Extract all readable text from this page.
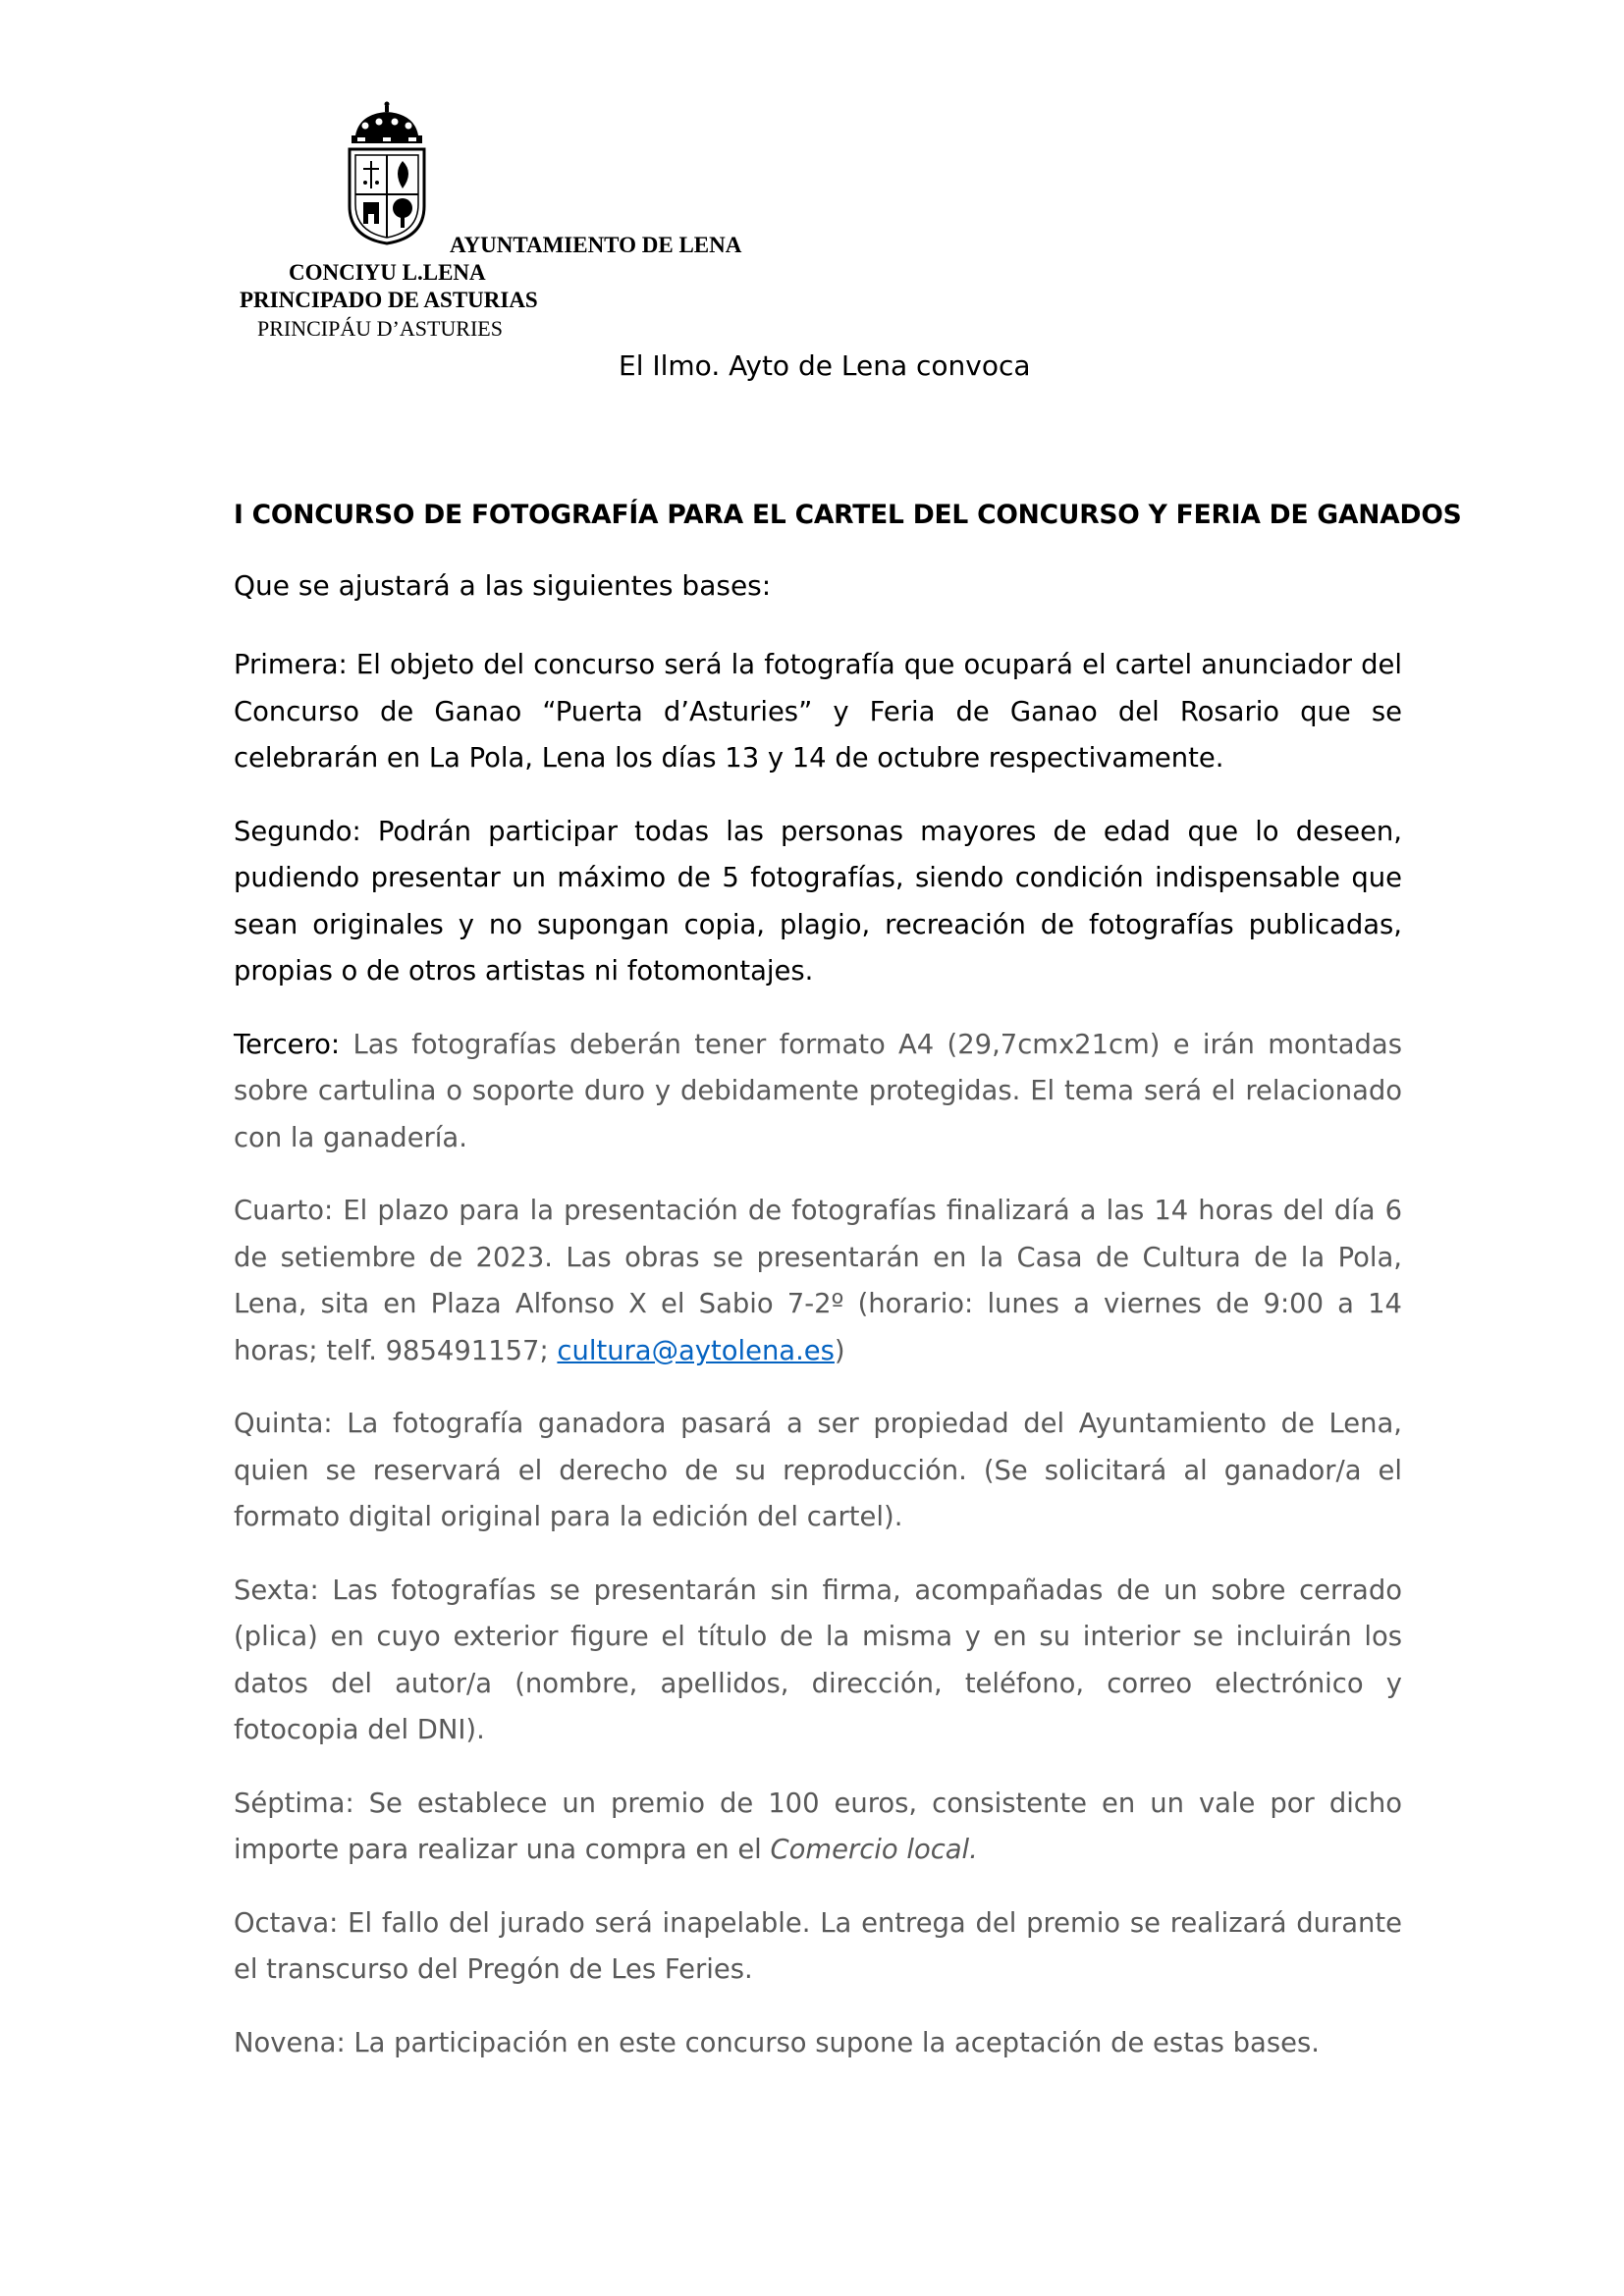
AYUNTAMIENTO DE LENA
CONCIYU L.LENA
PRINCIPADO DE ASTURIAS
PRINCIPÁU D’ASTURIES
El Ilmo. Ayto de Lena convoca
I CONCURSO DE FOTOGRAFÍA PARA EL CARTEL DEL CONCURSO Y FERIA DE GANADOS
Que se ajustará a las siguientes bases:

Primera: El objeto del concurso será la fotografía que ocupará el cartel anunciador del Concurso de Ganao “Puerta d’Asturies” y Feria de Ganao del Rosario que se celebrarán en La Pola, Lena los días 13 y 14 de octubre respectivamente.

Segundo: Podrán participar todas las personas mayores de edad que lo deseen, pudiendo presentar un máximo de 5 fotografías, siendo condición indispensable que sean originales y no supongan copia, plagio, recreación de fotografías publicadas, propias o de otros artistas ni fotomontajes.

Tercero: Las fotografías deberán tener formato A4 (29,7cmx21cm) e irán montadas sobre cartulina o soporte duro y debidamente protegidas. El tema será el relacionado con la ganadería.

Cuarto: El plazo para la presentación de fotografías finalizará a las 14 horas del día 6 de setiembre de 2023. Las obras se presentarán en la Casa de Cultura de la Pola, Lena, sita en Plaza Alfonso X el Sabio 7-2º (horario: lunes a viernes de 9:00 a 14 horas; telf. 985491157; cultura@aytolena.es)

Quinta: La fotografía ganadora pasará a ser propiedad del Ayuntamiento de Lena, quien se reservará el derecho de su reproducción. (Se solicitará al ganador/a el formato digital original para la edición del cartel).

Sexta: Las fotografías se presentarán sin firma, acompañadas de un sobre cerrado (plica) en cuyo exterior figure el título de la misma y en su interior se incluirán los datos del autor/a (nombre, apellidos, dirección, teléfono, correo electrónico y fotocopia del DNI).

Séptima: Se establece un premio de 100 euros, consistente en un vale por dicho importe para realizar una compra en el Comercio local.

Octava: El fallo del jurado será inapelable. La entrega del premio se realizará durante el transcurso del Pregón de Les Feries.

Novena: La participación en este concurso supone la aceptación de estas bases.
